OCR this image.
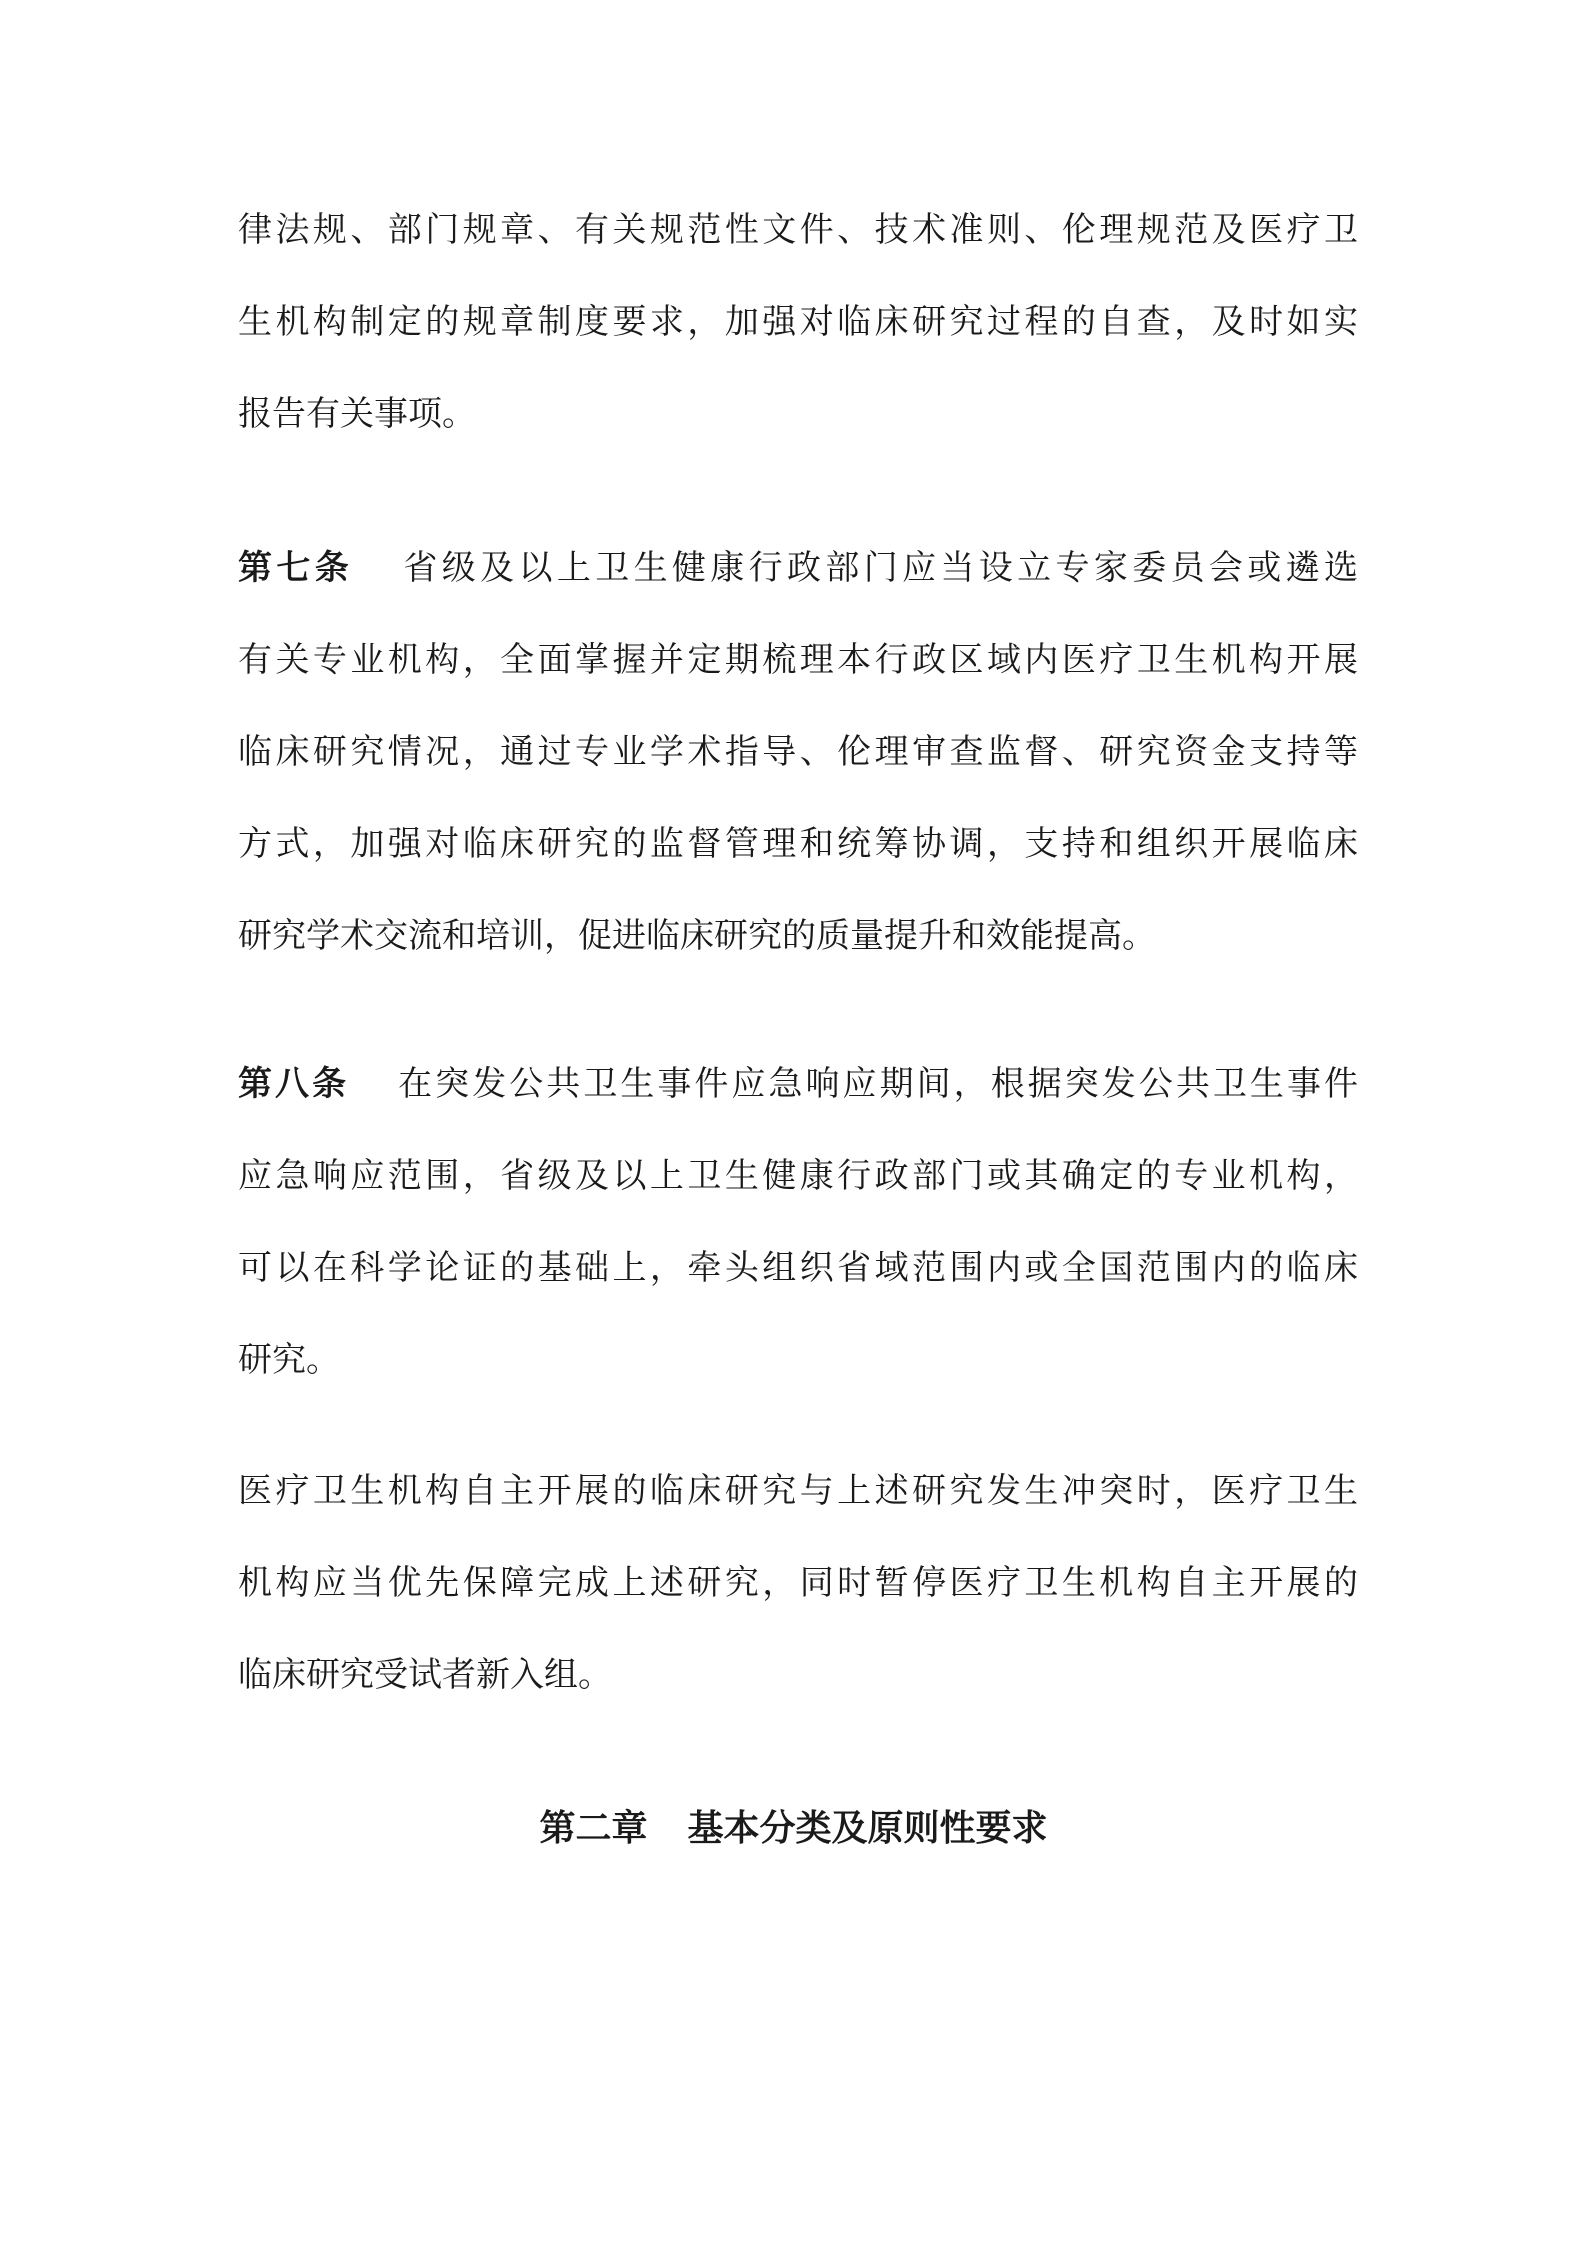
律法规、部门规章、有关规范性文件、技术准则、伦理规范及医疗卫
生机构制定的规章制度要求，加强对临床研究过程的自查，及时如实
报告有关事项。
第七条 省级及以上卫生健康行政部门应当设立专家委员会或遴选
有关专业机构，全面掌握并定期梳理本行政区域内医疗卫生机构开展
临床研究情况，通过专业学术指导、伦理审查监督、研究资金支持等
方式，加强对临床研究的监督管理和统筹协调，支持和组织开展临床
研究学术交流和培训，促进临床研究的质量提升和效能提高。
第八条 在突发公共卫生事件应急响应期间，根据突发公共卫生事件
应急响应范围，省级及以上卫生健康行政部门或其确定的专业机构，
可以在科学论证的基础上，牵头组织省域范围内或全国范围内的临床
研究。
医疗卫生机构自主开展的临床研究与上述研究发生冲突时，医疗卫生
机构应当优先保障完成上述研究，同时暂停医疗卫生机构自主开展的
临床研究受试者新入组。
第二章 基本分类及原则性要求
